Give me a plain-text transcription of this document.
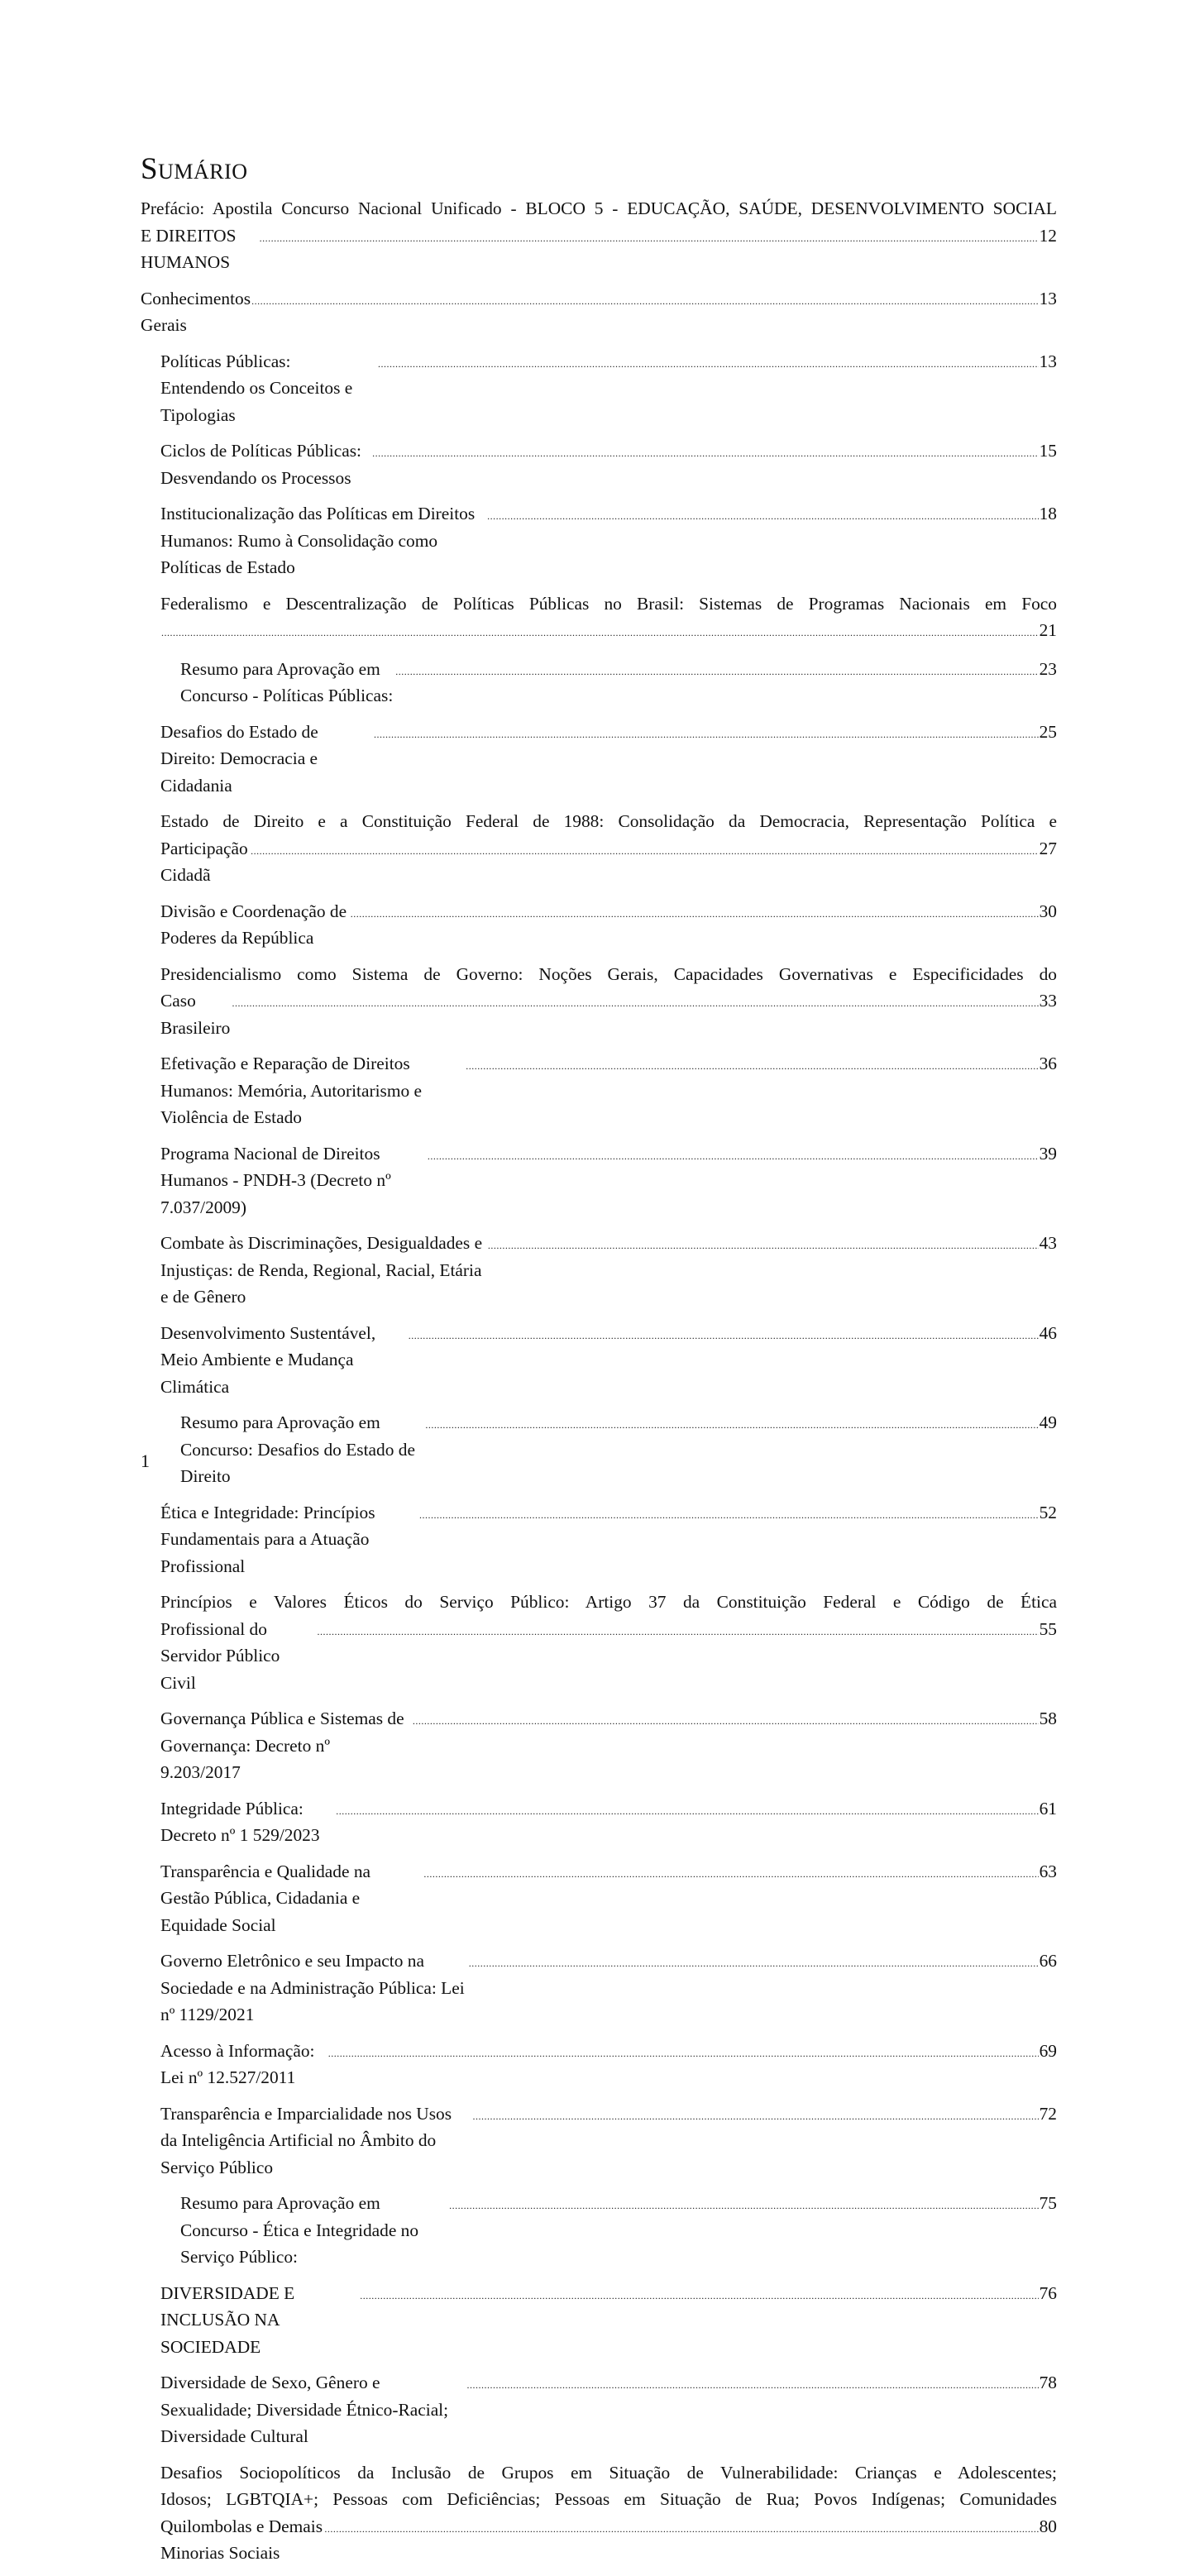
Sumário
Prefácio: Apostila Concurso Nacional Unificado - BLOCO 5 - EDUCAÇÃO, SAÚDE, DESENVOLVIMENTO SOCIAL
E DIREITOS HUMANOS
.....
12
Conhecimentos Gerais
.....
13
Políticas Públicas: Entendendo os Conceitos e Tipologias
.....
13
Ciclos de Políticas Públicas: Desvendando os Processos
.....
15
Institucionalização das Políticas em Direitos Humanos: Rumo à Consolidação como Políticas de Estado
.....
18
Federalismo e Descentralização de Políticas Públicas no Brasil: Sistemas de Programas Nacionais em Foco
.....
21
Resumo para Aprovação em Concurso - Políticas Públicas:
.....
23
Desafios do Estado de Direito: Democracia e Cidadania
.....
25
Estado de Direito e a Constituição Federal de 1988: Consolidação da Democracia, Representação Política e
Participação Cidadã
.....
27
Divisão e Coordenação de Poderes da República
.....
30
Presidencialismo como Sistema de Governo: Noções Gerais, Capacidades Governativas e Especificidades do
Caso Brasileiro
.....
33
Efetivação e Reparação de Direitos Humanos: Memória, Autoritarismo e Violência de Estado
.....
36
Programa Nacional de Direitos Humanos - PNDH-3 (Decreto nº 7.037/2009)
.....
39
Combate às Discriminações, Desigualdades e Injustiças: de Renda, Regional, Racial, Etária e de Gênero
.....
43
Desenvolvimento Sustentável, Meio Ambiente e Mudança Climática
.....
46
Resumo para Aprovação em Concurso: Desafios do Estado de Direito
.....
49
Ética e Integridade: Princípios Fundamentais para a Atuação Profissional
.....
52
Princípios e Valores Éticos do Serviço Público: Artigo 37 da Constituição Federal e Código de Ética
Profissional do Servidor Público Civil
.....
55
Governança Pública e Sistemas de Governança: Decreto nº 9.203/2017
.....
58
Integridade Pública: Decreto nº 1 529/2023
.....
61
Transparência e Qualidade na Gestão Pública, Cidadania e Equidade Social
.....
63
Governo Eletrônico e seu Impacto na Sociedade e na Administração Pública: Lei nº 1129/2021
.....
66
Acesso à Informação: Lei nº 12.527/2011
.....
69
Transparência e Imparcialidade nos Usos da Inteligência Artificial no Âmbito do Serviço Público
.....
72
Resumo para Aprovação em Concurso - Ética e Integridade no Serviço Público:
.....
75
DIVERSIDADE E INCLUSÃO NA SOCIEDADE
.....
76
Diversidade de Sexo, Gênero e Sexualidade; Diversidade Étnico-Racial; Diversidade Cultural
.....
78
Desafios Sociopolíticos da Inclusão de Grupos em Situação de Vulnerabilidade: Crianças e Adolescentes;
Idosos; LGBTQIA+; Pessoas com Deficiências; Pessoas em Situação de Rua; Povos Indígenas; Comunidades
Quilombolas e Demais Minorias Sociais
.....
80
1
